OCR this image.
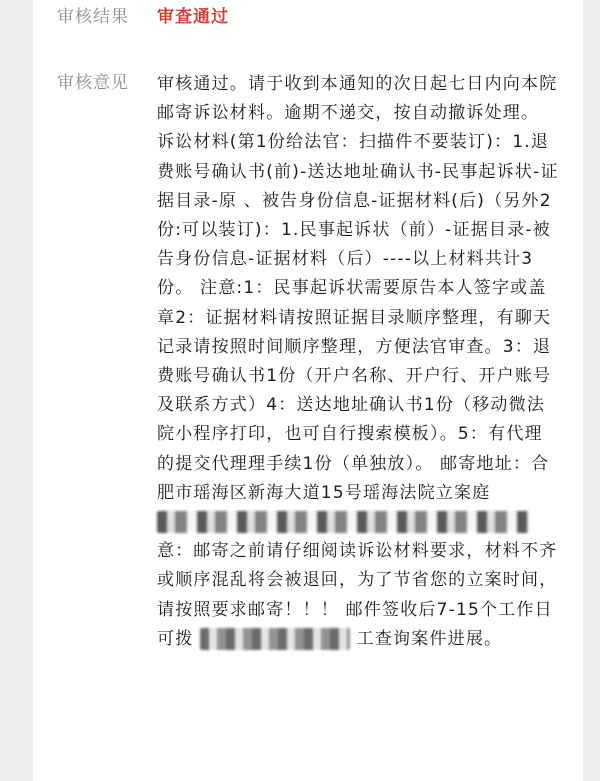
审核结果	审查通过
审核意见	审核通过。请于收到本通知的次日起七日内向本院邮寄诉讼材料。逾期不递交，按自动撤诉处理。 诉讼材料(第1份给法官：扫描件不要装订)：1.退费账号确认书(前)-送达地址确认书-民事起诉状-证据目录-原 、被告身份信息-证据材料(后)（另外2份:可以装订)：1.民事起诉状（前）-证据目录-被告身份信息-证据材料（后）----以上材料共计3份。 注意:1：民事起诉状需要原告本人签字或盖章2：证据材料请按照证据目录顺序整理，有聊天记录请按照时间顺序整理，方便法官审查。3：退费账号确认书1份（开户名称、开户行、开户账号及联系方式）4：送达地址确认书1份（移动微法院小程序打印，也可自行搜索模板）。5：有代理的提交代理理手续1份（单独放）。 邮寄地址：合肥市瑶海区新海大道15号瑶海法院立案庭  意：邮寄之前请仔细阅读诉讼材料要求，材料不齐或顺序混乱将会被退回，为了节省您的立案时间，请按照要求邮寄！！！ 邮件签收后7-15个工作日可拨	工查询案件进展。
